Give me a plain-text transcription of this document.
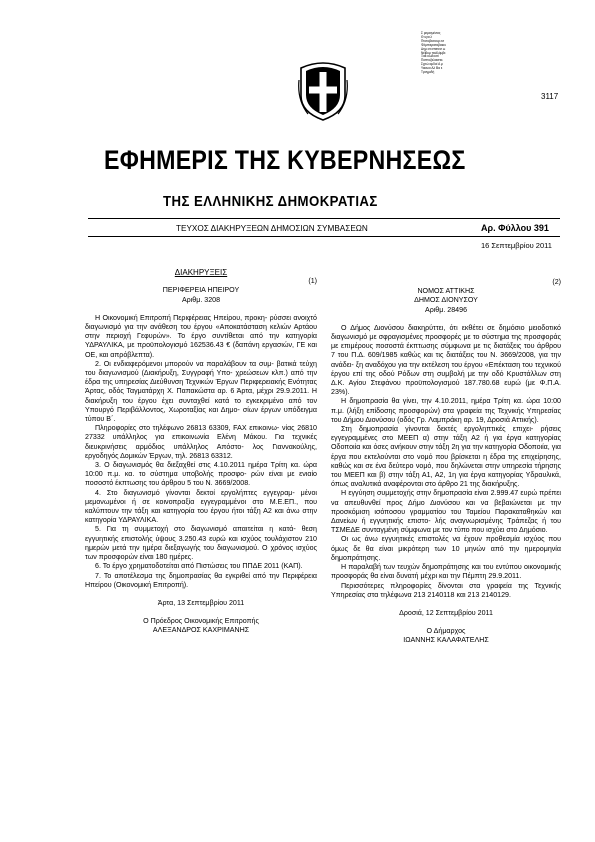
Σ ρεμισμένοις
Θ υγα λ
Πτοτοβεσουρ εσ
Φλμπιεραταβαιου
Δημ ατ:σπετεσ ω
Νεϊβκμ παλλόμβε
Ξακ κωδονεί
Ποπτοζαλαιστα.
Σχεώ αμδοί Α μ
Υαουοι Αλ Βα ε
Τρογμιδή
3117
ΕΦΗΜΕΡΙΣ ΤΗΣ ΚΥΒΕΡΝΗΣΕΩΣ
ΤΗΣ ΕΛΛΗΝΙΚΗΣ ΔΗΜΟΚΡΑΤΙΑΣ
ΤΕΥΧΟΣ ΔΙΑΚΗΡΥΞΕΩΝ ΔΗΜΟΣΙΩΝ ΣΥΜΒΑΣΕΩΝ	Αρ. Φύλλου 391
16 Σεπτεμβρίου 2011

ΔΙΑΚΗΡΥΞΕΙΣ

(1)

ΠΕΡΙΦΕΡΕΙΑ ΗΠΕΙΡΟΥ

Αριθμ. 3208

Η Οικονομική Επιτροπή Περιφέρειας Ηπείρου, προκη- ρύσσει ανοιχτό διαγωνισμό για την ανάθεση του έργου «Αποκατάσταση κελιών Αρτάου στην περιοχή Γεφυρών». Το έργο συντίθεται από την κατηγορία ΥΔΡΑΥΛΙΚΑ, με προϋπολογισμό 162536.43 € (δαπάνη εργασιών, ΓΕ και ΟΕ, και απρόβλεπτα).

2. Οι ενδιαφερόμενοι μπορούν να παραλάβουν τα συμ- βατικά τεύχη του διαγωνισμού (Διακήρυξη, Συγγραφή Υπο- χρεώσεων κλπ.) από την έδρα της υπηρεσίας Διεύθυνση Τεχνικών Έργων Περιφερειακής Ενότητας Άρτας, οδός Ταγματάρχη Χ. Παπακώστα αρ. 6 Άρτα, μέχρι 29.9.2011. Η διακήρυξη του έργου έχει συνταχθεί κατά το εγκεκριμένο από τον Υπουργό Περιβάλλοντος, Χωροταξίας και Δημο- σίων έργων υπόδειγμα τύπου Β΄.

Πληροφορίες στο τηλέφωνο 26813 63309, FAX επικοινω- νίας 26810 27332 υπάλληλος για επικοινωνία Ελένη Μάκου. Για τεχνικές διευκρινήσεις αρμόδιος υπάλληλος Απόστο- λος Γιαννακούλης, εργοδηγός Δομικών Έργων, τηλ. 26813 63312.

3. Ο διαγωνισμός θα διεξαχθεί στις 4.10.2011 ημέρα Τρίτη κα. ώρα 10:00 π.μ. κα. το σύστημα υποβολής προσφο- ρών είναι με ενιαίο ποσοστό έκπτωσης του άρθρου 5 του Ν. 3669/2008.

4. Στο διαγωνισμό γίνονται δεκτοί εργολήπτες εγγεγραμ- μένοι μεμονωμένοι ή σε κοινοπραξία εγγεγραμμένοι στο Μ.Ε.ΕΠ., που καλύπτουν την τάξη και κατηγορία του έργου ήτοι τάξη Α2 και άνω στην κατηγορία ΥΔΡΑΥΛΙΚΑ.

5. Για τη συμμετοχή στο διαγωνισμό απαιτείται η κατά- θεση εγγυητικής επιστολής ύψους 3.250.43 ευρώ και ισχύος τουλάχιστον 210 ημερών μετά την ημέρα διεξαγωγής του διαγωνισμού. Ο χρόνος ισχύος των προσφορών είναι 180 ημέρες.

6. Το έργο χρηματοδοτείται από Πιστώσεις του ΠΠΔΕ 2011 (ΚΑΠ).

7. Το αποτέλεσμα της δημοπρασίας θα εγκριθεί από την Περιφέρεια Ηπείρου (Οικονομική Επιτροπή).

Άρτα, 13 Σεπτεμβρίου 2011

Ο Πρόεδρος Οικονομικής Επιτροπής

ΑΛΕΞΑΝΔΡΟΣ ΚΑΧΡΙΜΑΝΗΣ

(2)

ΝΟΜΟΣ ΑΤΤΙΚΗΣ

ΔΗΜΟΣ ΔΙΟΝΥΣΟΥ

Αριθμ. 28496

Ο Δήμος Διονύσου διακηρύττει, ότι εκθέτει σε δημόσιο μειοδοτικό διαγωνισμό με σφραγισμένες προσφορές με το σύστημα της προσφοράς με επιμέρους ποσοστά έκπτωσης σύμφωνα με τις διατάξεις του άρθρου 7 του Π.Δ. 609/1985 καθώς και τις διατάξεις του Ν. 3669/2008, για την ανάδει- ξη αναδόχου για την εκτέλεση του έργου «Επέκταση του τεχνικού έργου επί της οδού Ρόδων στη συμβολή με την οδό Κρυστάλλων στη Δ.Κ. Αγίου Στεφάνου προϋπολογισμού 187.780.68 ευρώ (με Φ.Π.Α. 23%).

Η δημοπρασία θα γίνει, την 4.10.2011, ημέρα Τρίτη κα. ώρα 10:00 π.μ. (λήξη επίδοσης προσφορών) στα γραφεία της Τεχνικής Υπηρεσίας του Δήμου Διονύσου (οδός Γρ. Λαμπράκη αρ. 19, Δροσιά Αττικής).

Στη δημοπρασία γίνονται δεκτές εργοληπτικές επιχει- ρήσεις εγγεγραμμένες στο ΜΕΕΠ α) στην τάξη Α2 ή για έργα κατηγορίας Οδοποιία και όσες ανήκουν στην τάξη 2η για την κατηγορία Οδοποιία, για έργα που εκτελούνται στο νομό που βρίσκεται η έδρα της επιχείρησης, καθώς και σε ένα δεύτερο νομό, που δηλώνεται στην υπηρεσία τήρησης του ΜΕΕΠ και β) στην τάξη Α1, Α2, 1η για έργα κατηγορίας Υδραυλικά, όπως αναλυτικά αναφέρονται στο άρθρο 21 της διακήρυξης.

Η εγγύηση συμμετοχής στην δημοπρασία είναι 2.999.47 ευρώ πρέπει να απευθυνθεί προς Δήμο Διονύσου και να βεβαιώνεται με την προσκόμιση ισόποσου γραμματίου του Ταμείου Παρακαταθηκών και Δανείων ή εγγυητικής επιστο- λής αναγνωρισμένης Τράπεζας ή του ΤΣΜΕΔΕ συνταγμένη σύμφωνα με τον τύπο που ισχύει στο Δημόσιο.

Οι ως άνω εγγυητικές επιστολές να έχουν προθεσμία ισχύος που όμως δε θα είναι μικρότερη των 10 μηνών από την ημερομηνία δημοπράτησης.

Η παραλαβή των τευχών δημοπράτησης και του εντύπου οικονομικής προσφοράς θα είναι δυνατή μέχρι και την Πέμπτη 29.9.2011.

Περισσότερες πληροφορίες δίνονται στα γραφεία της Τεχνικής Υπηρεσίας στα τηλέφωνα 213 2140118 και 213 2140129.

Δροσιά, 12 Σεπτεμβρίου 2011

Ο Δήμαρχος

ΙΩΑΝΝΗΣ ΚΑΛΑΦΑΤΕΛΗΣ
